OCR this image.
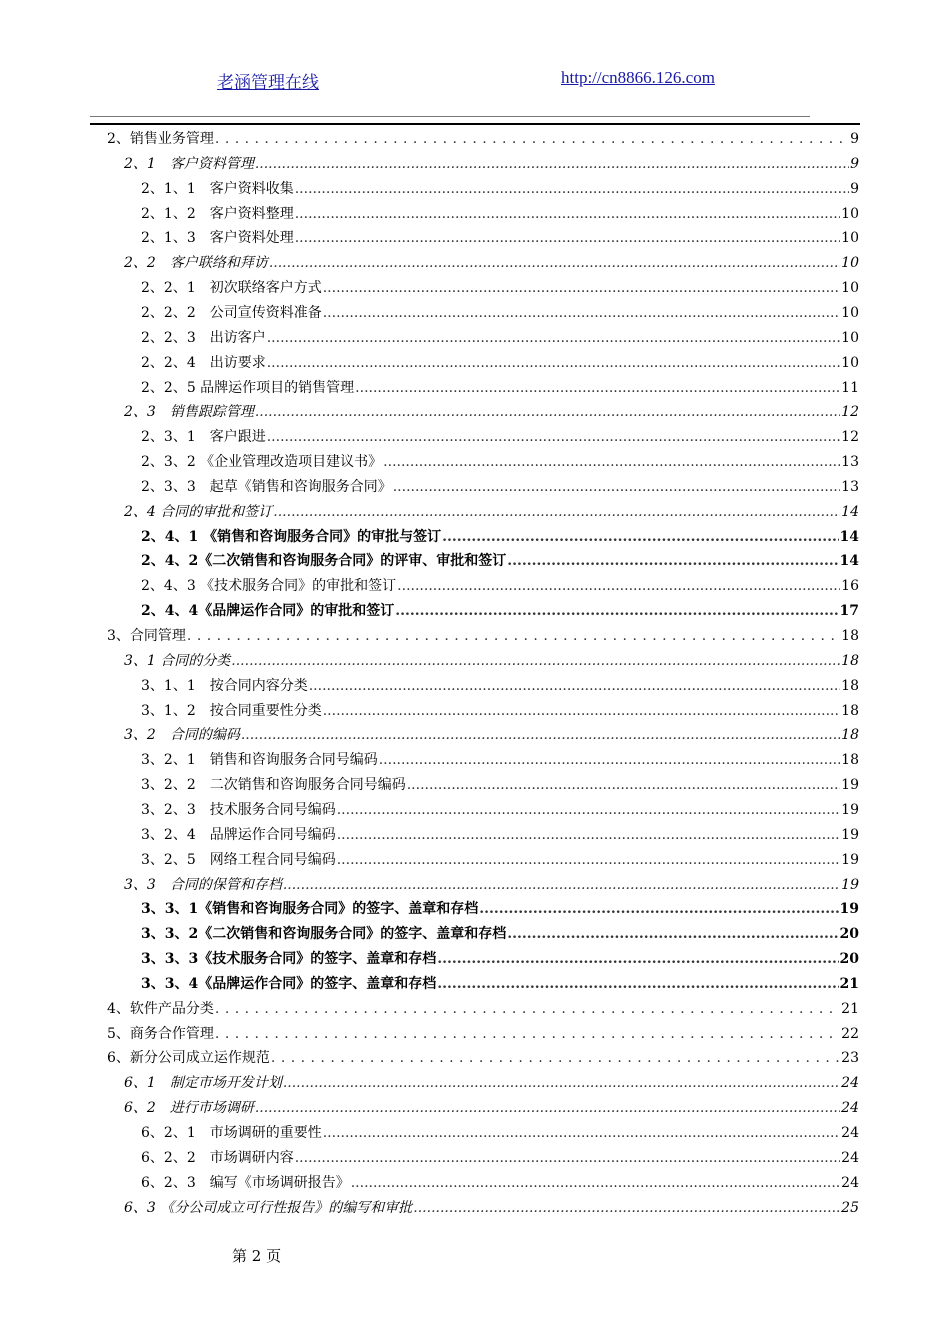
老涵管理在线	http://cn8866.126.com
2、销售业务管理 . . .	9
2、1　客户资料管理 .....	9
2、1、1　客户资料收集 .....	9
2、1、2　客户资料整理 .....	10
2、1、3　客户资料处理 .....	10
2、2　客户联络和拜访 .....	10
2、2、1　初次联络客户方式 .....	10
2、2、2　公司宣传资料准备 .....	10
2、2、3　出访客户 .....	10
2、2、4　出访要求 .....	10
2、2、5 品牌运作项目的销售管理 .....	11
2、3　销售跟踪管理 .....	12
2、3、1　客户跟进 .....	12
2、3、2 《企业管理改造项目建议书》 .....	13
2、3、3　起草《销售和咨询服务合同》 .....	13
2、4 合同的审批和签订 .....	14
2、4、1 《销售和咨询服务合同》的审批与签订 .....	14
2、4、2《二次销售和咨询服务合同》的评审、审批和签订 .....	14
2、4、3 《技术服务合同》的审批和签订 .....	16
2、4、4《品牌运作合同》的审批和签订 .....	17
3、合同管理 . . .	18
3、1 合同的分类 .....	18
3、1、1　按合同内容分类 .....	18
3、1、2　按合同重要性分类 .....	18
3、2　合同的编码 .....	18
3、2、1　销售和咨询服务合同号编码 .....	18
3、2、2　二次销售和咨询服务合同号编码 .....	19
3、2、3　技术服务合同号编码 .....	19
3、2、4　品牌运作合同号编码 .....	19
3、2、5　网络工程合同号编码 .....	19
3、3　合同的保管和存档 .....	19
3、3、1《销售和咨询服务合同》的签字、盖章和存档 .....	19
3、3、2《二次销售和咨询服务合同》的签字、盖章和存档 .....	20
3、3、3《技术服务合同》的签字、盖章和存档 .....	20
3、3、4《品牌运作合同》的签字、盖章和存档 .....	21
4、软件产品分类 . . .	21
5、商务合作管理 . . .	22
6、新分公司成立运作规范 . . .	23
6、1　制定市场开发计划 .....	24
6、2　进行市场调研 .....	24
6、2、1　市场调研的重要性 .....	24
6、2、2　市场调研内容 .....	24
6、2、3　编写《市场调研报告》 .....	24
6、3 《分公司成立可行性报告》的编写和审批 .....	25
第 2 页
